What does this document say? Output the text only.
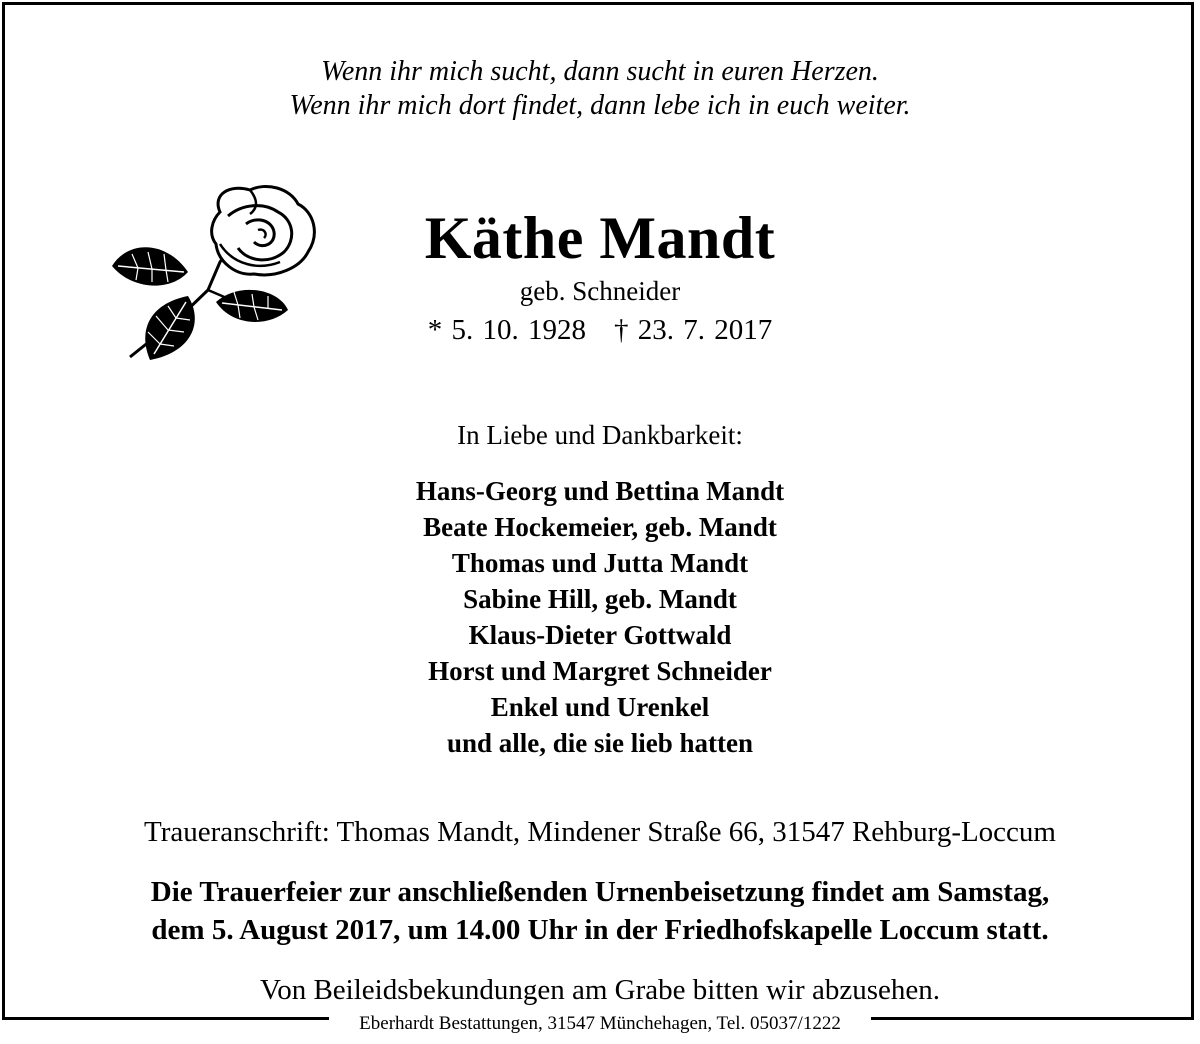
Wenn ihr mich sucht, dann sucht in euren Herzen.
Wenn ihr mich dort findet, dann lebe ich in euch weiter.
Käthe Mandt
geb. Schneider
* 5. 10. 1928 † 23. 7. 2017
In Liebe und Dankbarkeit:
Hans-Georg und Bettina Mandt
Beate Hockemeier, geb. Mandt
Thomas und Jutta Mandt
Sabine Hill, geb. Mandt
Klaus-Dieter Gottwald
Horst und Margret Schneider
Enkel und Urenkel
und alle, die sie lieb hatten
Traueranschrift: Thomas Mandt, Mindener Straße 66, 31547 Rehburg-Loccum
Die Trauerfeier zur anschließenden Urnenbeisetzung findet am Samstag,
dem 5. August 2017, um 14.00 Uhr in der Friedhofskapelle Loccum statt.
Von Beileidsbekundungen am Grabe bitten wir abzusehen.
Eberhardt Bestattungen, 31547 Münchehagen, Tel. 05037/1222
